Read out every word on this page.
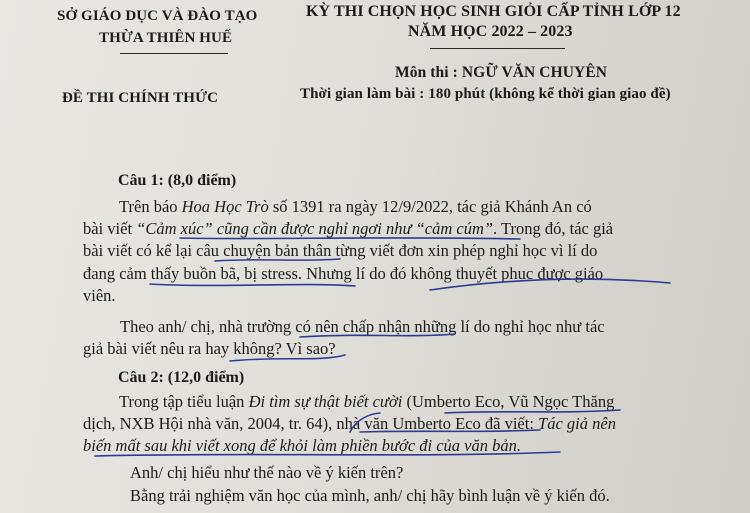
SỞ GIÁO DỤC VÀ ĐÀO TẠO
THỪA THIÊN HUẾ
KỲ THI CHỌN HỌC SINH GIỎI CẤP TỈNH LỚP 12
NĂM HỌC 2022 – 2023
ĐỀ THI CHÍNH THỨC
Môn thi : NGỮ VĂN CHUYÊN
Thời gian làm bài : 180 phút (không kể thời gian giao đề)
Câu 1: (8,0 điểm)
Trên báo Hoa Học Trò số 1391 ra ngày 12/9/2022, tác giả Khánh An có
bài viết “Cảm xúc” cũng cần được nghỉ ngơi như “cảm cúm”. Trong đó, tác giả
bài viết có kể lại câu chuyện bản thân từng viết đơn xin phép nghỉ học vì lí do
đang cảm thấy buồn bã, bị stress. Nhưng lí do đó không thuyết phục được giáo
viên.
Theo anh/ chị, nhà trường có nên chấp nhận những lí do nghỉ học như tác
giả bài viết nêu ra hay không? Vì sao?
Câu 2: (12,0 điểm)
Trong tập tiểu luận Đi tìm sự thật biết cười (Umberto Eco, Vũ Ngọc Thăng
dịch, NXB Hội nhà văn, 2004, tr. 64), nhà văn Umberto Eco đã viết: Tác giả nên
biến mất sau khi viết xong để khỏi làm phiền bước đi của văn bản.
Anh/ chị hiểu như thế nào về ý kiến trên?
Bằng trải nghiệm văn học của mình, anh/ chị hãy bình luận về ý kiến đó.
